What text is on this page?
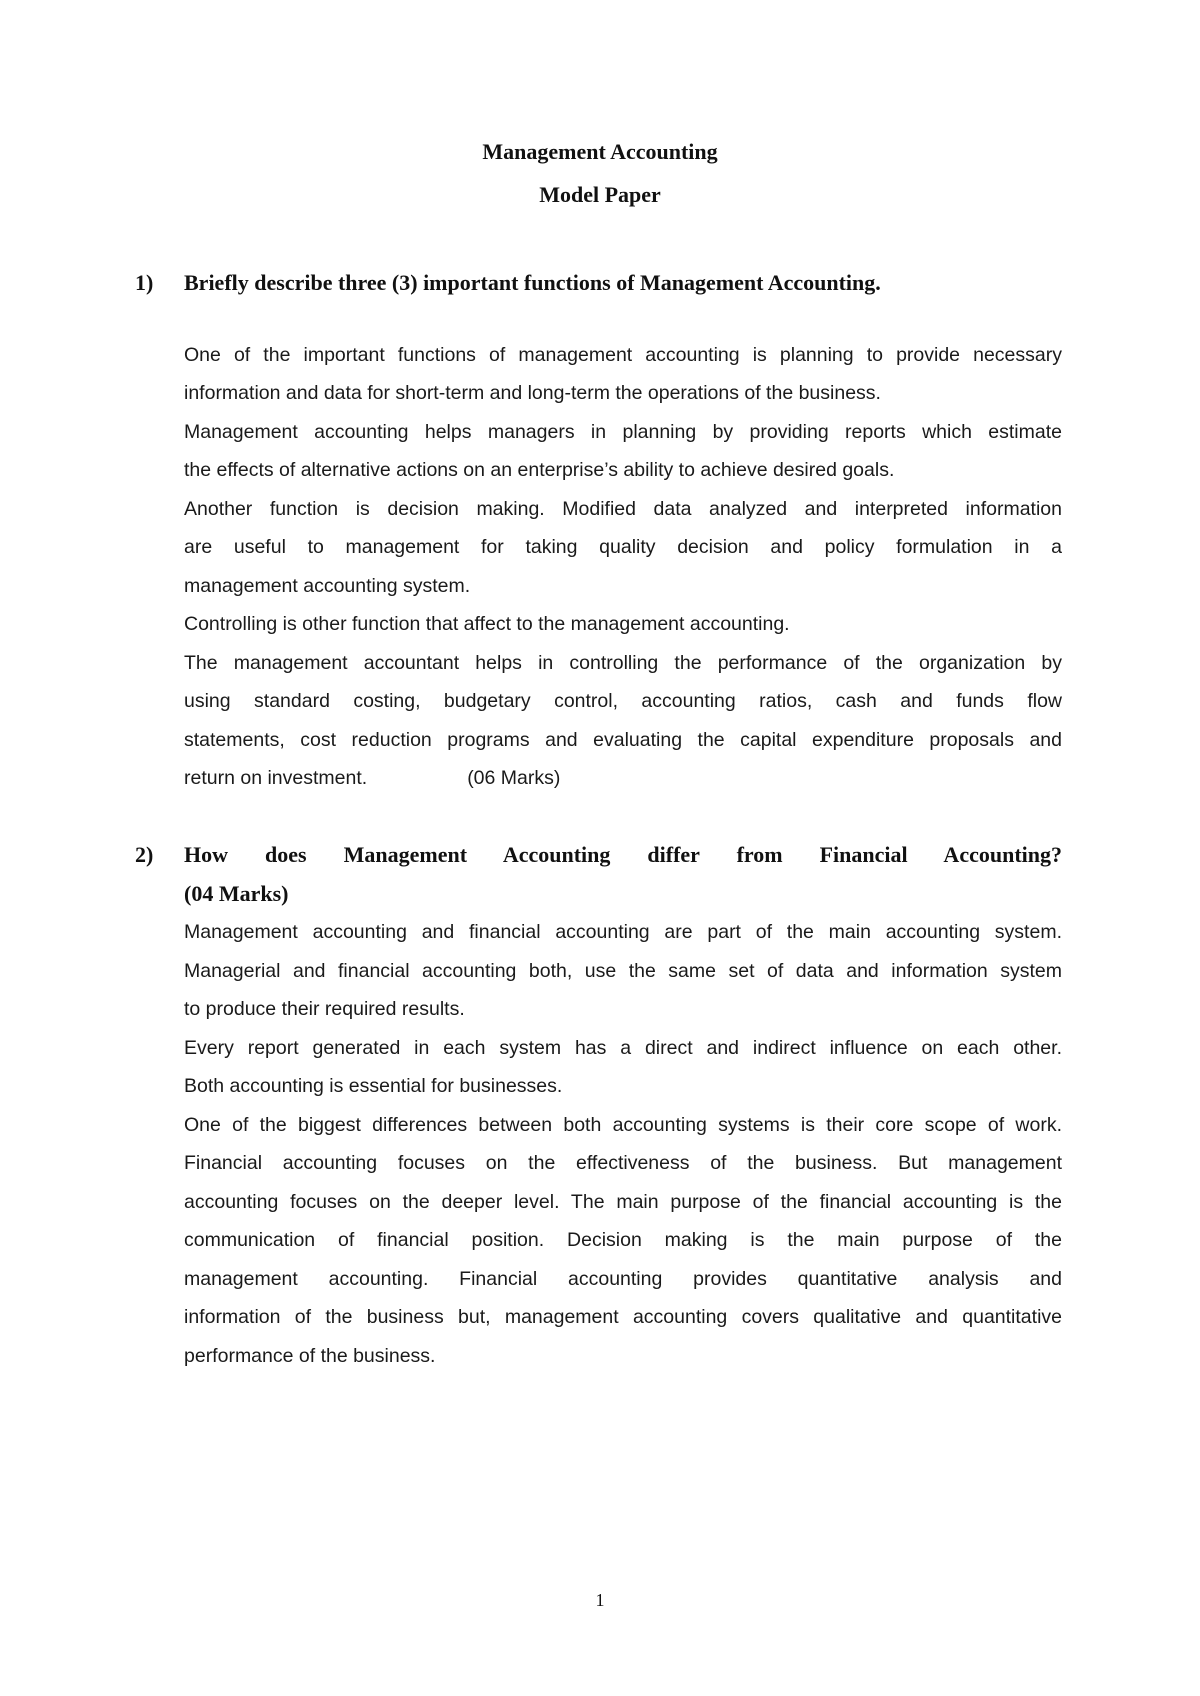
Management Accounting
Model Paper
1)	Briefly describe three (3) important functions of Management Accounting.
One of the important functions of management accounting is planning to provide necessary
information and data for short-term and long-term the operations of the business.
Management accounting helps managers in planning by providing reports which estimate
the effects of alternative actions on an enterprise’s ability to achieve desired goals.
Another function is decision making. Modified data analyzed and interpreted information
are useful to management for taking quality decision and policy formulation in a
management accounting system.
Controlling is other function that affect to the management accounting.
The management accountant helps in controlling the performance of the organization by
using standard costing, budgetary control, accounting ratios, cash and funds flow
statements, cost reduction programs and evaluating the capital expenditure proposals and
return on investment.	(06 Marks)
2)	How does Management Accounting differ from Financial Accounting?
(04 Marks)
Management accounting and financial accounting are part of the main accounting system.
Managerial and financial accounting both, use the same set of data and information system
to produce their required results.
Every report generated in each system has a direct and indirect influence on each other.
Both accounting is essential for businesses.
One of the biggest differences between both accounting systems is their core scope of work.
Financial accounting focuses on the effectiveness of the business. But management
accounting focuses on the deeper level. The main purpose of the financial accounting is the
communication of financial position. Decision making is the main purpose of the
management accounting. Financial accounting provides quantitative analysis and
information of the business but, management accounting covers qualitative and quantitative
performance of the business.
1
